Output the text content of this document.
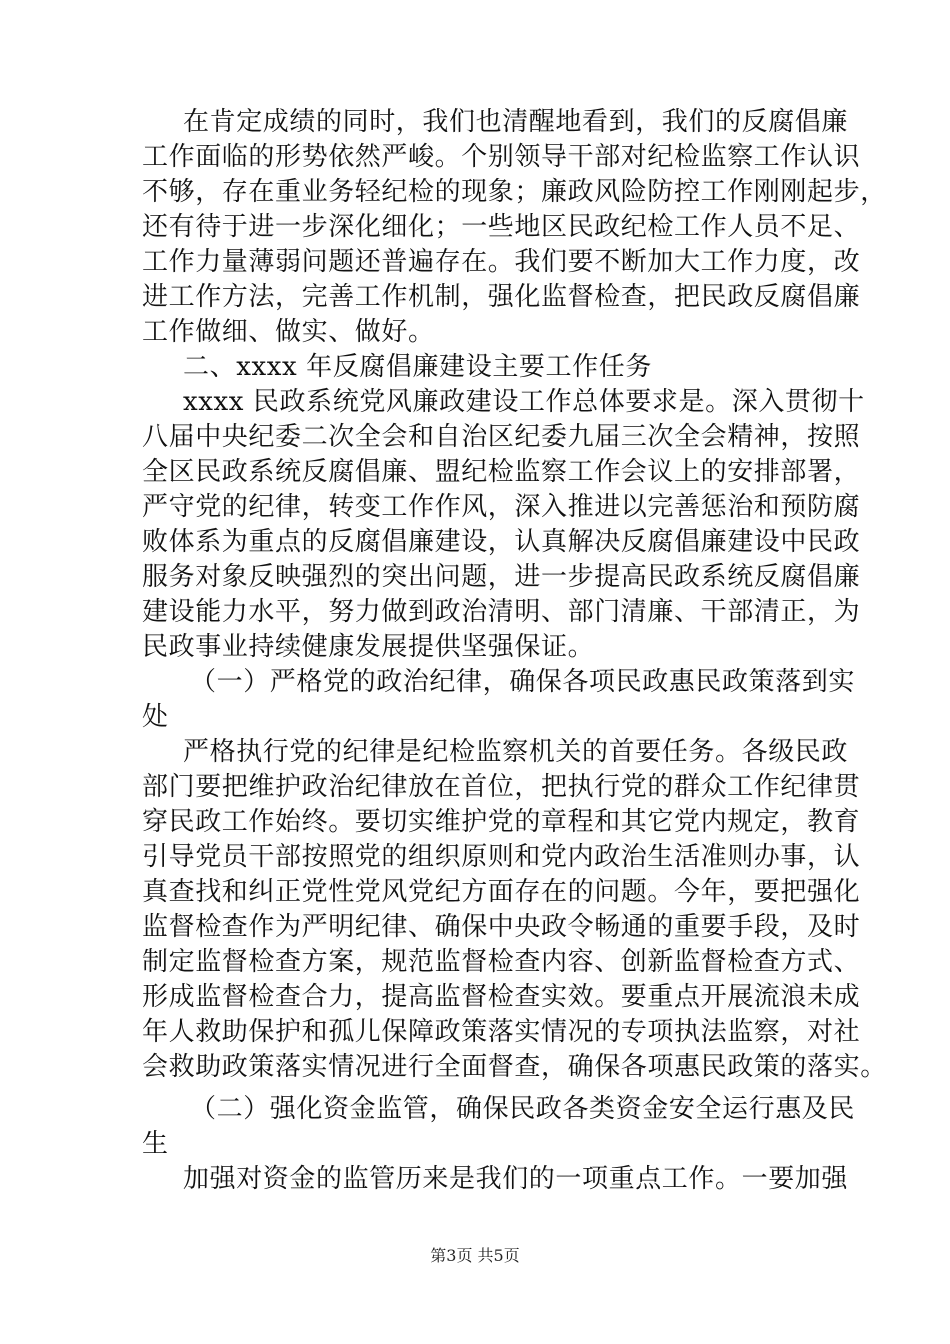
在肯定成绩的同时，我们也清醒地看到，我们的反腐倡廉
工作面临的形势依然严峻。个别领导干部对纪检监察工作认识
不够，存在重业务轻纪检的现象；廉政风险防控工作刚刚起步，
还有待于进一步深化细化；一些地区民政纪检工作人员不足、
工作力量薄弱问题还普遍存在。我们要不断加大工作力度，改
进工作方法，完善工作机制，强化监督检查，把民政反腐倡廉
工作做细、做实、做好。
二、xxxx 年反腐倡廉建设主要工作任务
xxxx 民政系统党风廉政建设工作总体要求是。深入贯彻十
八届中央纪委二次全会和自治区纪委九届三次全会精神，按照
全区民政系统反腐倡廉、盟纪检监察工作会议上的安排部署，
严守党的纪律，转变工作作风，深入推进以完善惩治和预防腐
败体系为重点的反腐倡廉建设，认真解决反腐倡廉建设中民政
服务对象反映强烈的突出问题，进一步提高民政系统反腐倡廉
建设能力水平，努力做到政治清明、部门清廉、干部清正，为
民政事业持续健康发展提供坚强保证。
（一）严格党的政治纪律，确保各项民政惠民政策落到实
处
严格执行党的纪律是纪检监察机关的首要任务。各级民政
部门要把维护政治纪律放在首位，把执行党的群众工作纪律贯
穿民政工作始终。要切实维护党的章程和其它党内规定，教育
引导党员干部按照党的组织原则和党内政治生活准则办事，认
真查找和纠正党性党风党纪方面存在的问题。今年，要把强化
监督检查作为严明纪律、确保中央政令畅通的重要手段，及时
制定监督检查方案，规范监督检查内容、创新监督检查方式、
形成监督检查合力，提高监督检查实效。要重点开展流浪未成
年人救助保护和孤儿保障政策落实情况的专项执法监察，对社
会救助政策落实情况进行全面督查，确保各项惠民政策的落实。
（二）强化资金监管，确保民政各类资金安全运行惠及民
生
加强对资金的监管历来是我们的一项重点工作。一要加强
第3页 共5页
